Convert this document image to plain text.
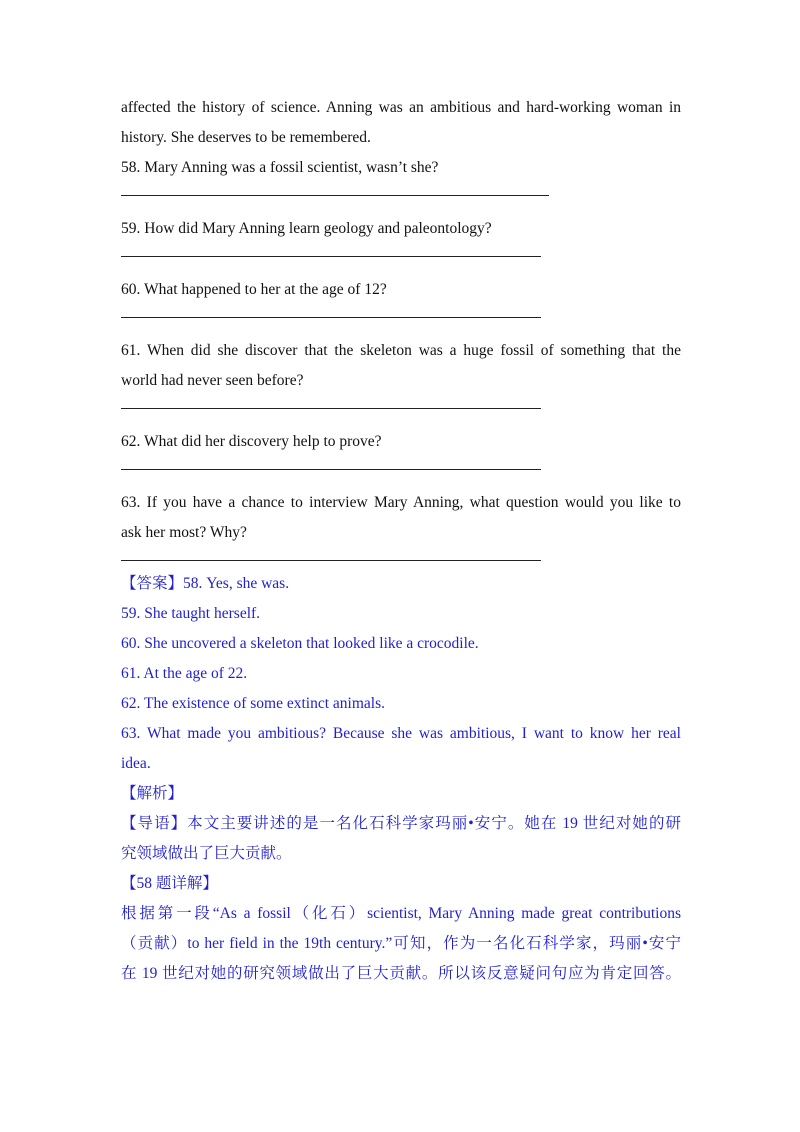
affected the history of science. Anning was an ambitious and hard-working woman in
history. She deserves to be remembered.
58. Mary Anning was a fossil scientist, wasn’t she?
59. How did Mary Anning learn geology and paleontology?
60. What happened to her at the age of 12?
61. When did she discover that the skeleton was a huge fossil of something that the
world had never seen before?
62. What did her discovery help to prove?
63. If you have a chance to interview Mary Anning, what question would you like to
ask her most? Why?
【答案】58. Yes, she was.
59. She taught herself.
60. She uncovered a skeleton that looked like a crocodile.
61. At the age of 22.
62. The existence of some extinct animals.
63. What made you ambitious? Because she was ambitious, I want to know her real
idea.
【解析】
【导语】本文主要讲述的是一名化石科学家玛丽•安宁。她在 19 世纪对她的研
究领域做出了巨大贡献。
【58 题详解】
根据第一段“As a fossil（化石）scientist, Mary Anning made great contributions
（贡献）to her field in the 19th century.”可知，作为一名化石科学家，玛丽•安宁
在 19 世纪对她的研究领域做出了巨大贡献。所以该反意疑问句应为肯定回答。
